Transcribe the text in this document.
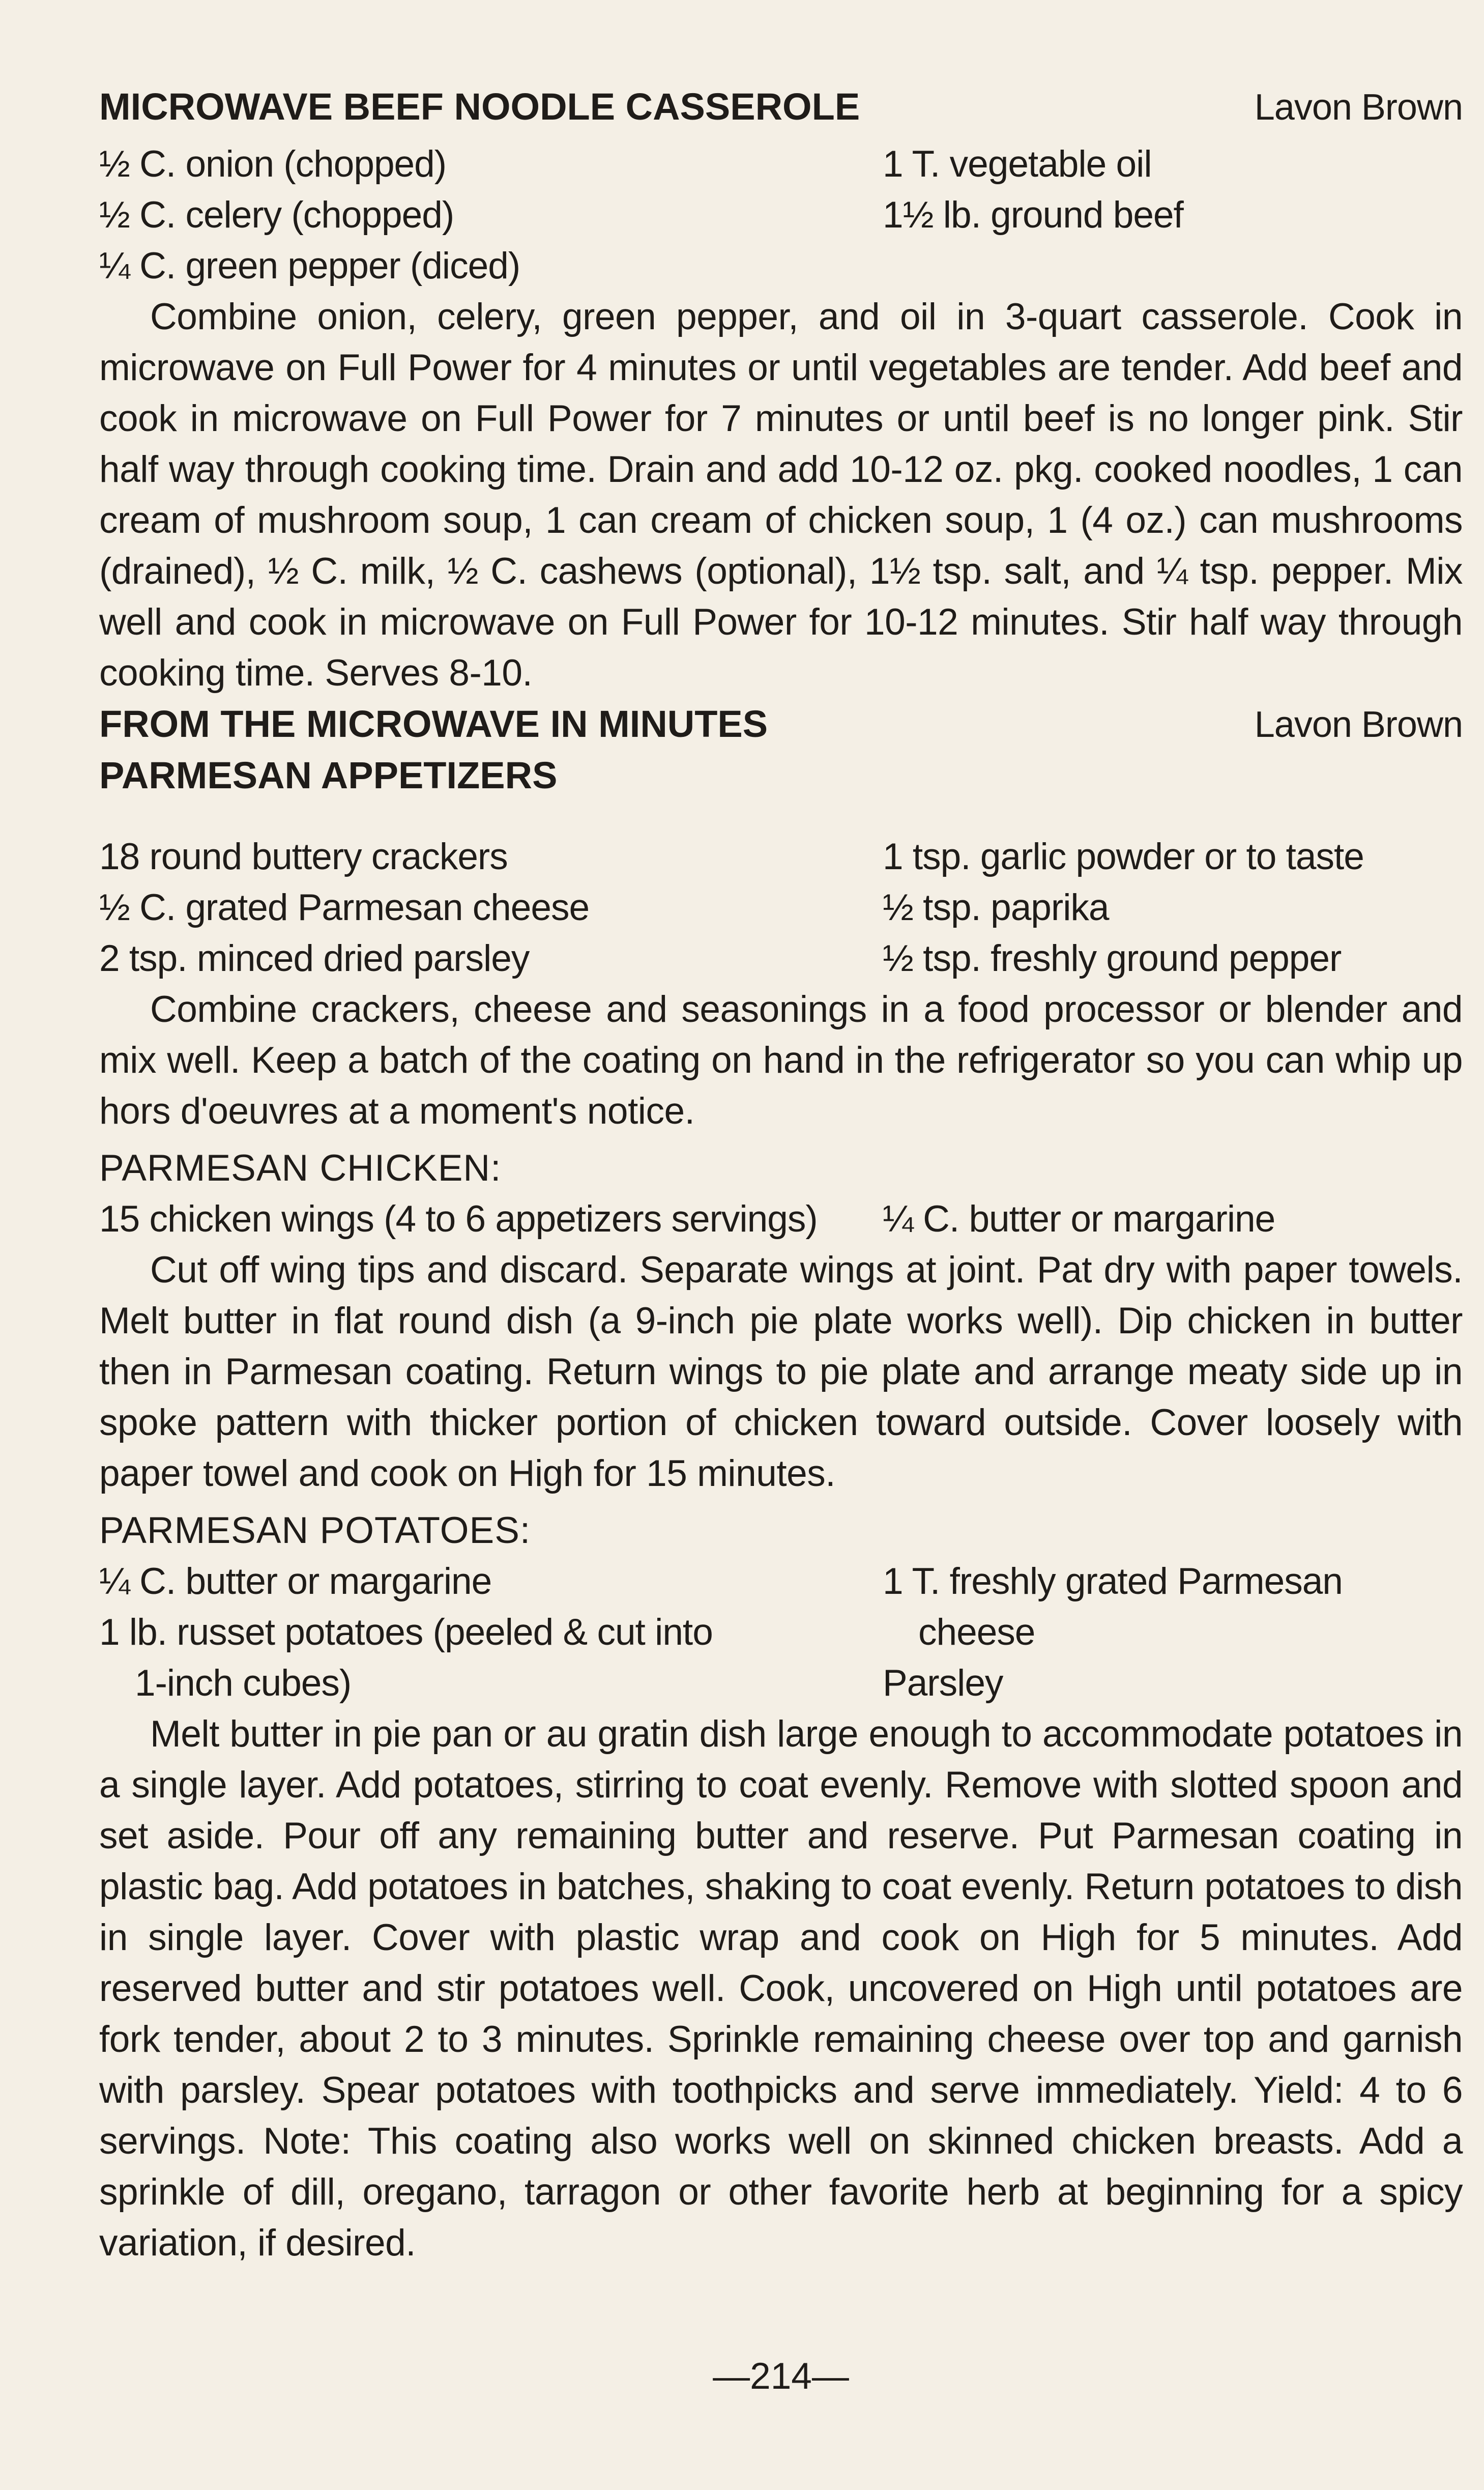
MICROWAVE BEEF NOODLE CASSEROLE	Lavon Brown
½ C. onion (chopped)	1 T. vegetable oil
½ C. celery (chopped)	1½ lb. ground beef
¼ C. green pepper (diced)

Combine onion, celery, green pepper, and oil in 3-quart casserole. Cook in microwave on Full Power for 4 minutes or until vegetables are tender. Add beef and cook in microwave on Full Power for 7 minutes or until beef is no longer pink. Stir half way through cooking time. Drain and add 10-12 oz. pkg. cooked noodles, 1 can cream of mushroom soup, 1 can cream of chicken soup, 1 (4 oz.) can mushrooms (drained), ½ C. milk, ½ C. cashews (optional), 1½ tsp. salt, and ¼ tsp. pepper. Mix well and cook in microwave on Full Power for 10-12 minutes. Stir half way through cooking time. Serves 8-10.

FROM THE MICROWAVE IN MINUTES	Lavon Brown
PARMESAN APPETIZERS
18 round buttery crackers	1 tsp. garlic powder or to taste
½ C. grated Parmesan cheese	½ tsp. paprika
2 tsp. minced dried parsley	½ tsp. freshly ground pepper

Combine crackers, cheese and seasonings in a food processor or blender and mix well. Keep a batch of the coating on hand in the refrigerator so you can whip up hors d'oeuvres at a moment's notice.

PARMESAN CHICKEN:
15 chicken wings (4 to 6 appetizers servings)	¼ C. butter or margarine

Cut off wing tips and discard. Separate wings at joint. Pat dry with paper towels. Melt butter in flat round dish (a 9-inch pie plate works well). Dip chicken in butter then in Parmesan coating. Return wings to pie plate and arrange meaty side up in spoke pattern with thicker portion of chicken toward outside. Cover loosely with paper towel and cook on High for 15 minutes.

PARMESAN POTATOES:
¼ C. butter or margarine	1 T. freshly grated Parmesan
1 lb. russet potatoes (peeled & cut into	cheese
1-inch cubes)	Parsley

Melt butter in pie pan or au gratin dish large enough to accommodate potatoes in a single layer. Add potatoes, stirring to coat evenly. Remove with slotted spoon and set aside. Pour off any remaining butter and reserve. Put Parmesan coating in plastic bag. Add potatoes in batches, shaking to coat evenly. Return potatoes to dish in single layer. Cover with plastic wrap and cook on High for 5 minutes. Add reserved butter and stir potatoes well. Cook, uncovered on High until potatoes are fork tender, about 2 to 3 minutes. Sprinkle remaining cheese over top and garnish with parsley. Spear potatoes with toothpicks and serve immediately. Yield: 4 to 6 servings. Note: This coating also works well on skinned chicken breasts. Add a sprinkle of dill, oregano, tarragon or other favorite herb at beginning for a spicy variation, if desired.

—214—
